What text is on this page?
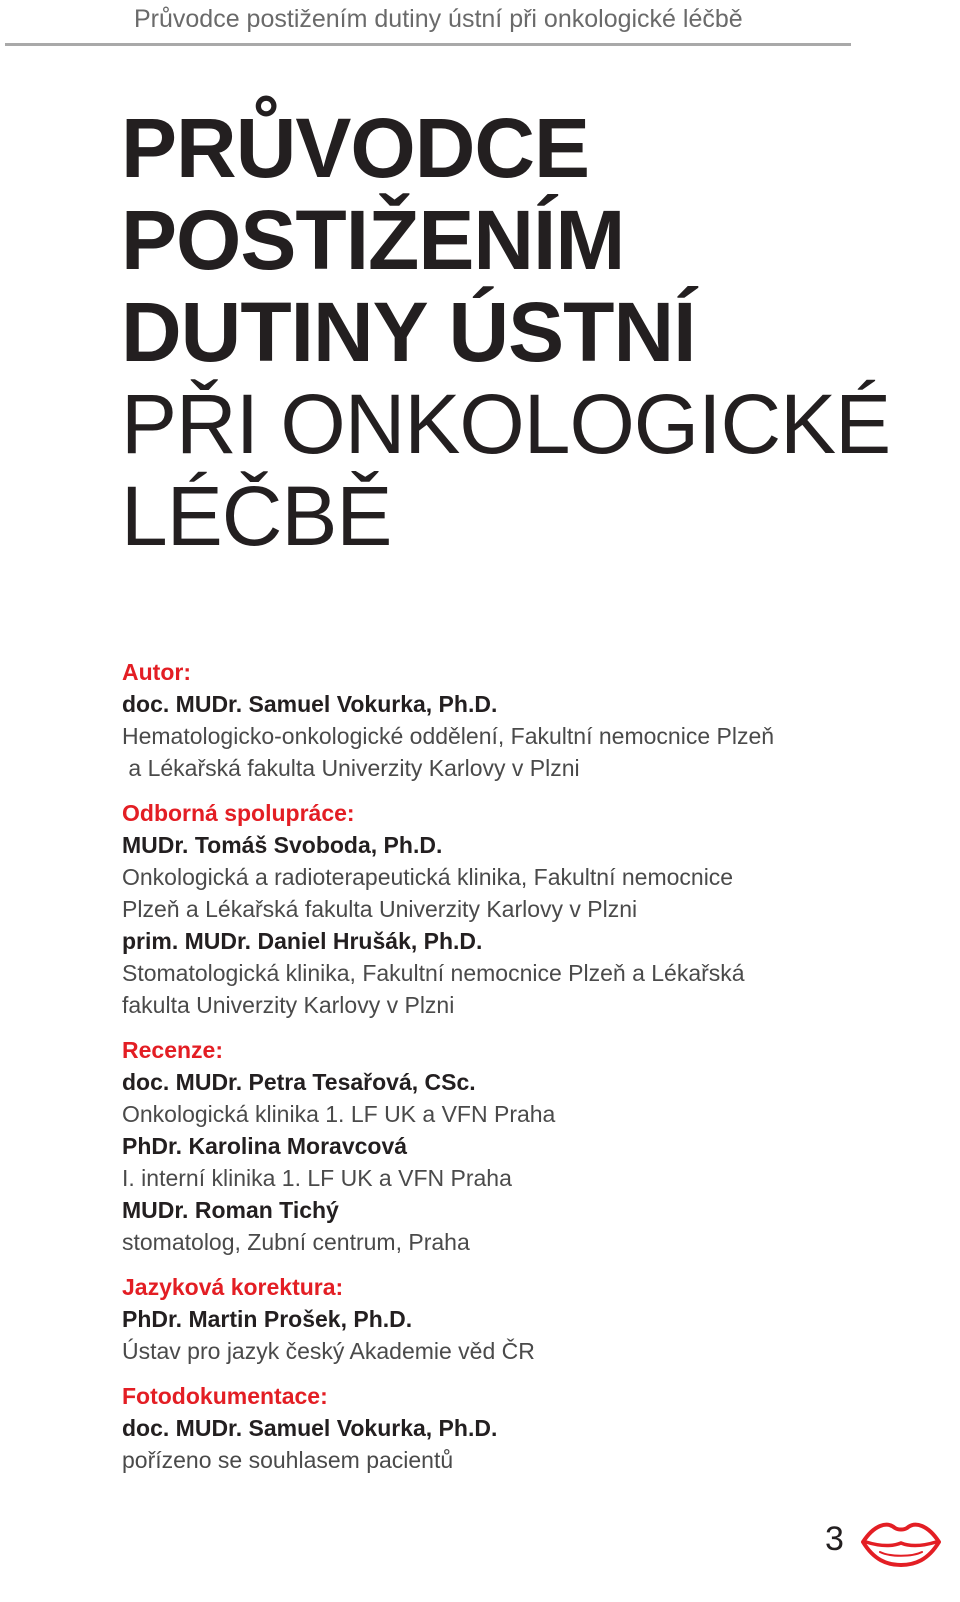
Průvodce postižením dutiny ústní při onkologické léčbě
PRŮVODCE
POSTIŽENÍM
DUTINY ÚSTNÍ
PŘI ONKOLOGICKÉ
LÉČBĚ
Autor:
doc. MUDr. Samuel Vokurka, Ph.D.
Hematologicko-onkologické oddělení, Fakultní nemocnice Plzeň
a Lékařská fakulta Univerzity Karlovy v Plzni
Odborná spolupráce:
MUDr. Tomáš Svoboda, Ph.D.
Onkologická a radioterapeutická klinika, Fakultní nemocnice
Plzeň a Lékařská fakulta Univerzity Karlovy v Plzni
prim. MUDr. Daniel Hrušák, Ph.D.
Stomatologická klinika, Fakultní nemocnice Plzeň a Lékařská
fakulta Univerzity Karlovy v Plzni
Recenze:
doc. MUDr. Petra Tesařová, CSc.
Onkologická klinika 1. LF UK a VFN Praha
PhDr. Karolina Moravcová
I. interní klinika 1. LF UK a VFN Praha
MUDr. Roman Tichý
stomatolog, Zubní centrum, Praha
Jazyková korektura:
PhDr. Martin Prošek, Ph.D.
Ústav pro jazyk český Akademie věd ČR
Fotodokumentace:
doc. MUDr. Samuel Vokurka, Ph.D.
pořízeno se souhlasem pacientů
3
